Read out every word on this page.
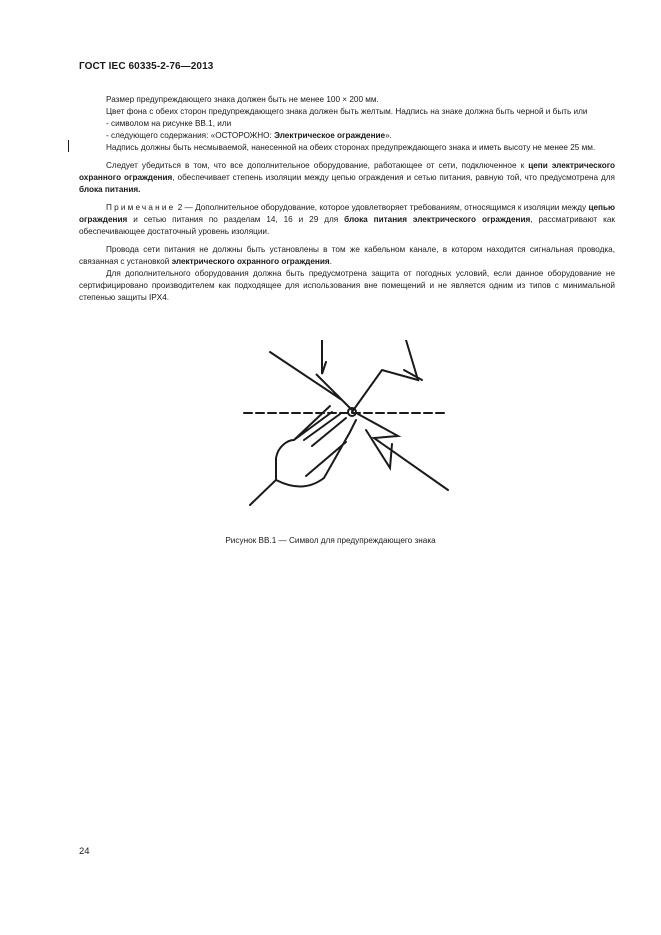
ГОСТ IEC 60335-2-76—2013

Размер предупреждающего знака должен быть не менее 100 × 200 мм.

Цвет фона с обеих сторон предупреждающего знака должен быть желтым. Надпись на знаке должна быть черной и быть или

- символом на рисунке ВВ.1, или

- следующего содержания: «ОСТОРОЖНО: Электрическое ограждение».

Надпись должны быть несмываемой, нанесенной на обеих сторонах предупреждающего знака и иметь высоту не менее 25 мм.

Следует убедиться в том, что все дополнительное оборудование, работающее от сети, подключенное к цепи электрического охранного ограждения, обеспечивает степень изоляции между цепью ограждения и сетью питания, равную той, что предусмотрена для блока питания.

Примечание 2 — Дополнительное оборудование, которое удовлетворяет требованиям, относящимся к изоляции между цепью ограждения и сетью питания по разделам 14, 16 и 29 для блока питания электрического ограждения, рассматривают как обеспечивающее достаточный уровень изоляции.

Провода сети питания не должны быть установлены в том же кабельном канале, в котором находится сигнальная проводка, связанная с установкой электрического охранного ограждения.

Для дополнительного оборудования должна быть предусмотрена защита от погодных условий, если данное оборудование не сертифицировано производителем как подходящее для использования вне помещений и не является одним из типов с минимальной степенью защиты IPX4.

Рисунок ВВ.1 — Символ для предупреждающего знака
24
